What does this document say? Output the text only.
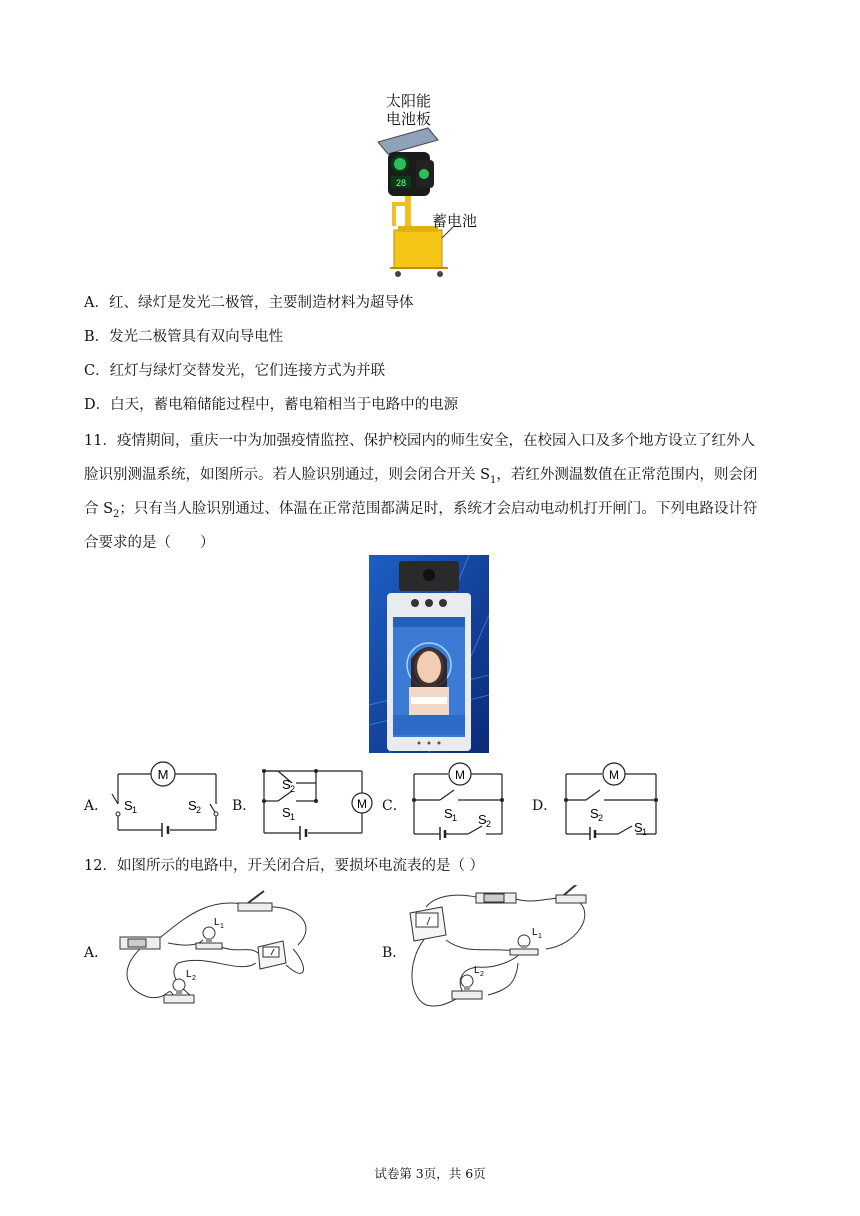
太阳能
电池板
28
蓄电池
A．红、绿灯是发光二极管，主要制造材料为超导体
B．发光二极管具有双向导电性
C．红灯与绿灯交替发光，它们连接方式为并联
D．白天，蓄电箱储能过程中，蓄电箱相当于电路中的电源
11．疫情期间，重庆一中为加强疫情监控、保护校园内的师生安全，在校园入口及多个地方设立了红外人
脸识别测温系统，如图所示。若人脸识别通过，则会闭合开关 $S_1$，若红外测温数值在正常范围内，则会闭
合 $S_2$；只有当人脸识别通过、体温在正常范围都满足时，系统才会启动电动机打开闸门。下列电路设计符
合要求的是（　　）
A．	B．	C．	D．
M
S 1	S 2	M
S 2
S 1
M
S 1 S 2
M
S 2
S 1
12．如图所示的电路中，开关闭合后，要损坏电流表的是（ ）
A．	B．
L 1
L 2
L 1
L 2
试卷第 3页，共 6页
